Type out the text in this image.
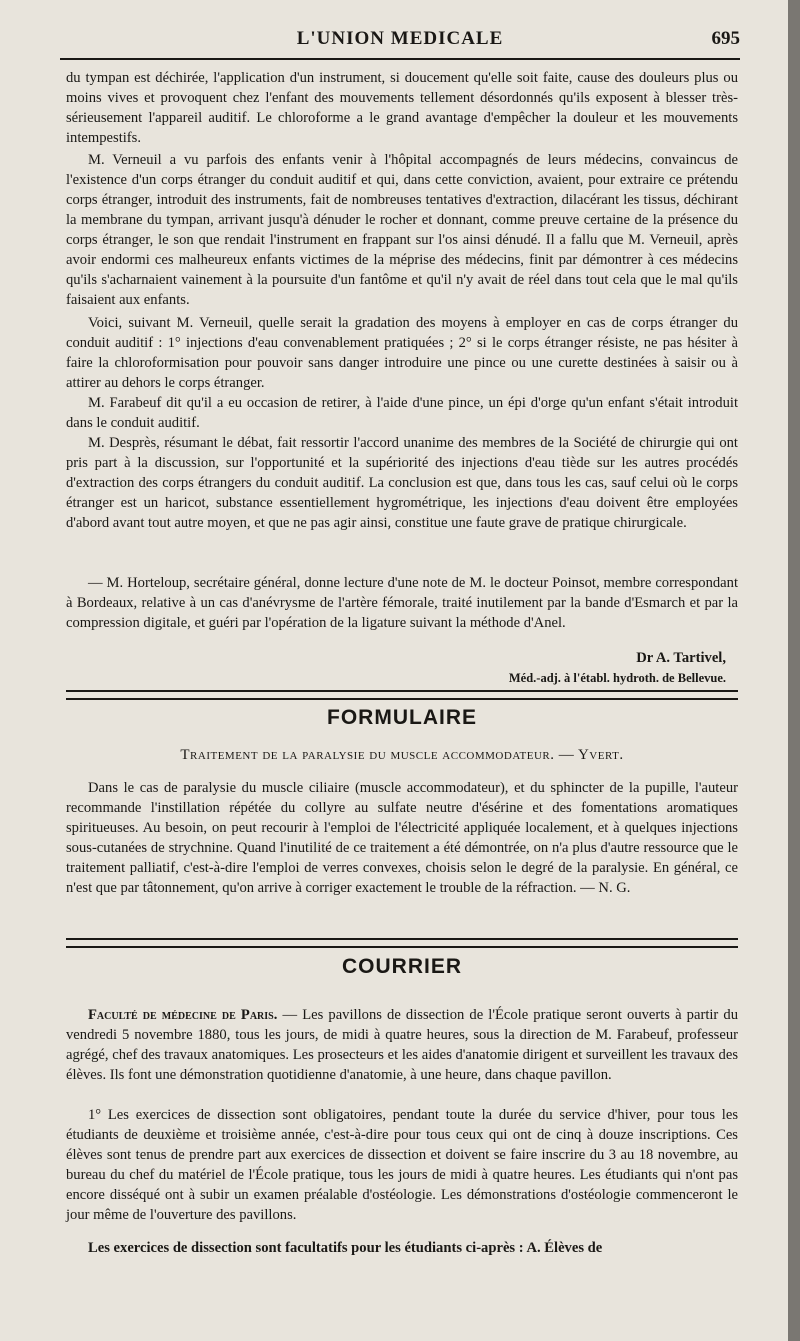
L'UNION MEDICALE	695

du tympan est déchirée, l'application d'un instrument, si doucement qu'elle soit faite, cause des douleurs plus ou moins vives et provoquent chez l'enfant des mouvements tellement désordonnés qu'ils exposent à blesser très-sérieusement l'appareil auditif. Le chloroforme a le grand avantage d'empêcher la douleur et les mouvements intempestifs.

M. Verneuil a vu parfois des enfants venir à l'hôpital accompagnés de leurs médecins, convaincus de l'existence d'un corps étranger du conduit auditif et qui, dans cette conviction, avaient, pour extraire ce prétendu corps étranger, introduit des instruments, fait de nombreuses tentatives d'extraction, dilacérant les tissus, déchirant la membrane du tympan, arrivant jusqu'à dénuder le rocher et donnant, comme preuve certaine de la présence du corps étranger, le son que rendait l'instrument en frappant sur l'os ainsi dénudé. Il a fallu que M. Verneuil, après avoir endormi ces malheureux enfants victimes de la méprise des médecins, finit par démontrer à ces médecins qu'ils s'acharnaient vainement à la poursuite d'un fantôme et qu'il n'y avait de réel dans tout cela que le mal qu'ils faisaient aux enfants.

Voici, suivant M. Verneuil, quelle serait la gradation des moyens à employer en cas de corps étranger du conduit auditif : 1° injections d'eau convenablement pratiquées ; 2° si le corps étranger résiste, ne pas hésiter à faire la chloroformisation pour pouvoir sans danger introduire une pince ou une curette destinées à saisir ou à attirer au dehors le corps étranger.

M. Farabeuf dit qu'il a eu occasion de retirer, à l'aide d'une pince, un épi d'orge qu'un enfant s'était introduit dans le conduit auditif.

M. Desprès, résumant le débat, fait ressortir l'accord unanime des membres de la Société de chirurgie qui ont pris part à la discussion, sur l'opportunité et la supériorité des injections d'eau tiède sur les autres procédés d'extraction des corps étrangers du conduit auditif. La conclusion est que, dans tous les cas, sauf celui où le corps étranger est un haricot, substance essentiellement hygrométrique, les injections d'eau doivent être employées d'abord avant tout autre moyen, et que ne pas agir ainsi, constitue une faute grave de pratique chirurgicale.

— M. Horteloup, secrétaire général, donne lecture d'une note de M. le docteur Poinsot, membre correspondant à Bordeaux, relative à un cas d'anévrysme de l'artère fémorale, traité inutilement par la bande d'Esmarch et par la compression digitale, et guéri par l'opération de la ligature suivant la méthode d'Anel.

Dr A. Tartivel,
Méd.-adj. à l'établ. hydroth. de Bellevue.
FORMULAIRE
Traitement de la paralysie du muscle accommodateur. — Yvert.

Dans le cas de paralysie du muscle ciliaire (muscle accommodateur), et du sphincter de la pupille, l'auteur recommande l'instillation répétée du collyre au sulfate neutre d'ésérine et des fomentations aromatiques spiritueuses. Au besoin, on peut recourir à l'emploi de l'électricité appliquée localement, et à quelques injections sous-cutanées de strychnine. Quand l'inutilité de ce traitement a été démontrée, on n'a plus d'autre ressource que le traitement palliatif, c'est-à-dire l'emploi de verres convexes, choisis selon le degré de la paralysie. En général, ce n'est que par tâtonnement, qu'on arrive à corriger exactement le trouble de la réfraction. — N. G.

COURRIER

Faculté de médecine de Paris. — Les pavillons de dissection de l'École pratique seront ouverts à partir du vendredi 5 novembre 1880, tous les jours, de midi à quatre heures, sous la direction de M. Farabeuf, professeur agrégé, chef des travaux anatomiques. Les prosecteurs et les aides d'anatomie dirigent et surveillent les travaux des élèves. Ils font une démonstration quotidienne d'anatomie, à une heure, dans chaque pavillon.

1° Les exercices de dissection sont obligatoires, pendant toute la durée du service d'hiver, pour tous les étudiants de deuxième et troisième année, c'est-à-dire pour tous ceux qui ont de cinq à douze inscriptions. Ces élèves sont tenus de prendre part aux exercices de dissection et doivent se faire inscrire du 3 au 18 novembre, au bureau du chef du matériel de l'École pratique, tous les jours de midi à quatre heures. Les étudiants qui n'ont pas encore disséqué ont à subir un examen préalable d'ostéologie. Les démonstrations d'ostéologie commenceront le jour même de l'ouverture des pavillons.

Les exercices de dissection sont facultatifs pour les étudiants ci-après : A. Élèves de
